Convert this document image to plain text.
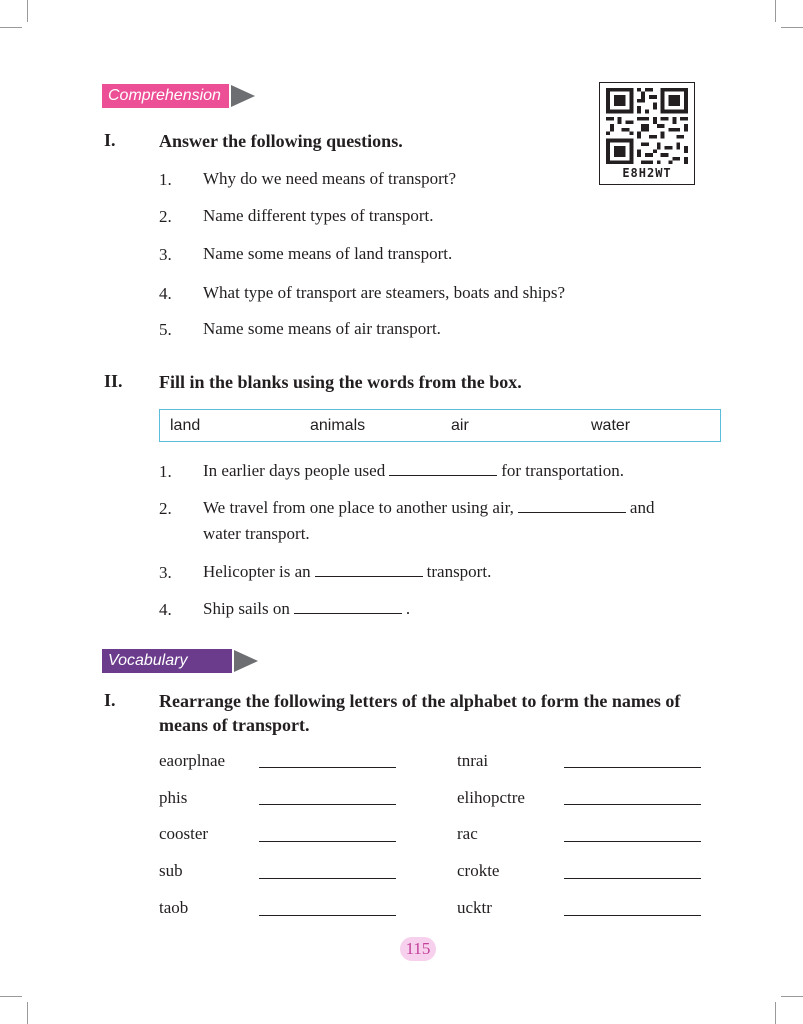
Comprehension
E8H2WT
I. Answer the following questions.
1. Why do we need means of transport?
2. Name different types of transport.
3. Name some means of land transport.
4. What type of transport are steamers, boats and ships?
5. Name some means of air transport.
II. Fill in the blanks using the words from the box.
land	animals	air	water
1. In earlier days people used	for transportation.
2. We travel from one place to another using air,	and
water transport.
3. Helicopter is an	transport.
4. Ship sails on	.
Vocabulary
I. Rearrange the following letters of the alphabet to form the names of
means of transport.
eaorplnae
phis
cooster
sub
taob
tnrai
elihopctre
rac
crokte
ucktr
115
